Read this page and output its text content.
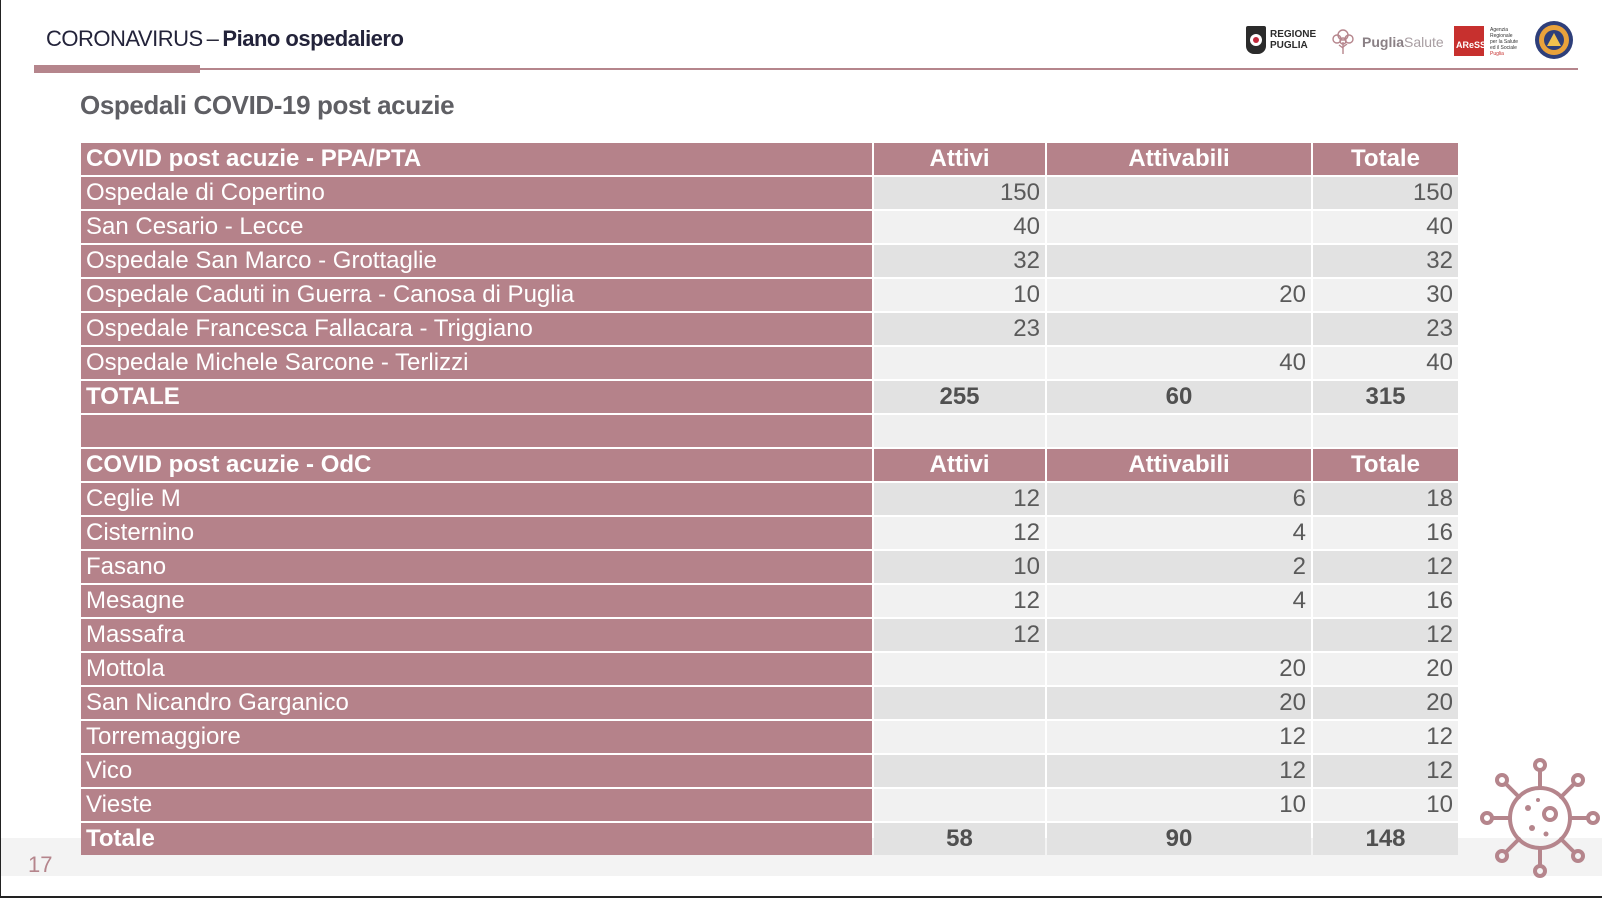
CORONAVIRUS – Piano ospedaliero	REGIONE
PUGLIA	PugliaSalute AReSS
Agenzia
Regionale
per la Salute
ed il Sociale
Puglia
Ospedali COVID-19 post acuzie
COVID post acuzie - PPA/PTA	Attivi	Attivabili	Totale
Ospedale di Copertino	150		150
San Cesario - Lecce	40		40
Ospedale San Marco - Grottaglie	32		32
Ospedale Caduti in Guerra - Canosa di Puglia	10	20	30
Ospedale Francesca Fallacara - Triggiano	23		23
Ospedale Michele Sarcone - Terlizzi		40	40
TOTALE	255	60	315

COVID post acuzie - OdC	Attivi	Attivabili	Totale
Ceglie M	12	6	18
Cisternino	12	4	16
Fasano	10	2	12
Mesagne	12	4	16
Massafra	12		12
Mottola		20	20
San Nicandro Garganico		20	20
Torremaggiore		12	12
Vico		12	12
Vieste		10	10
Totale	58	90	148
17
